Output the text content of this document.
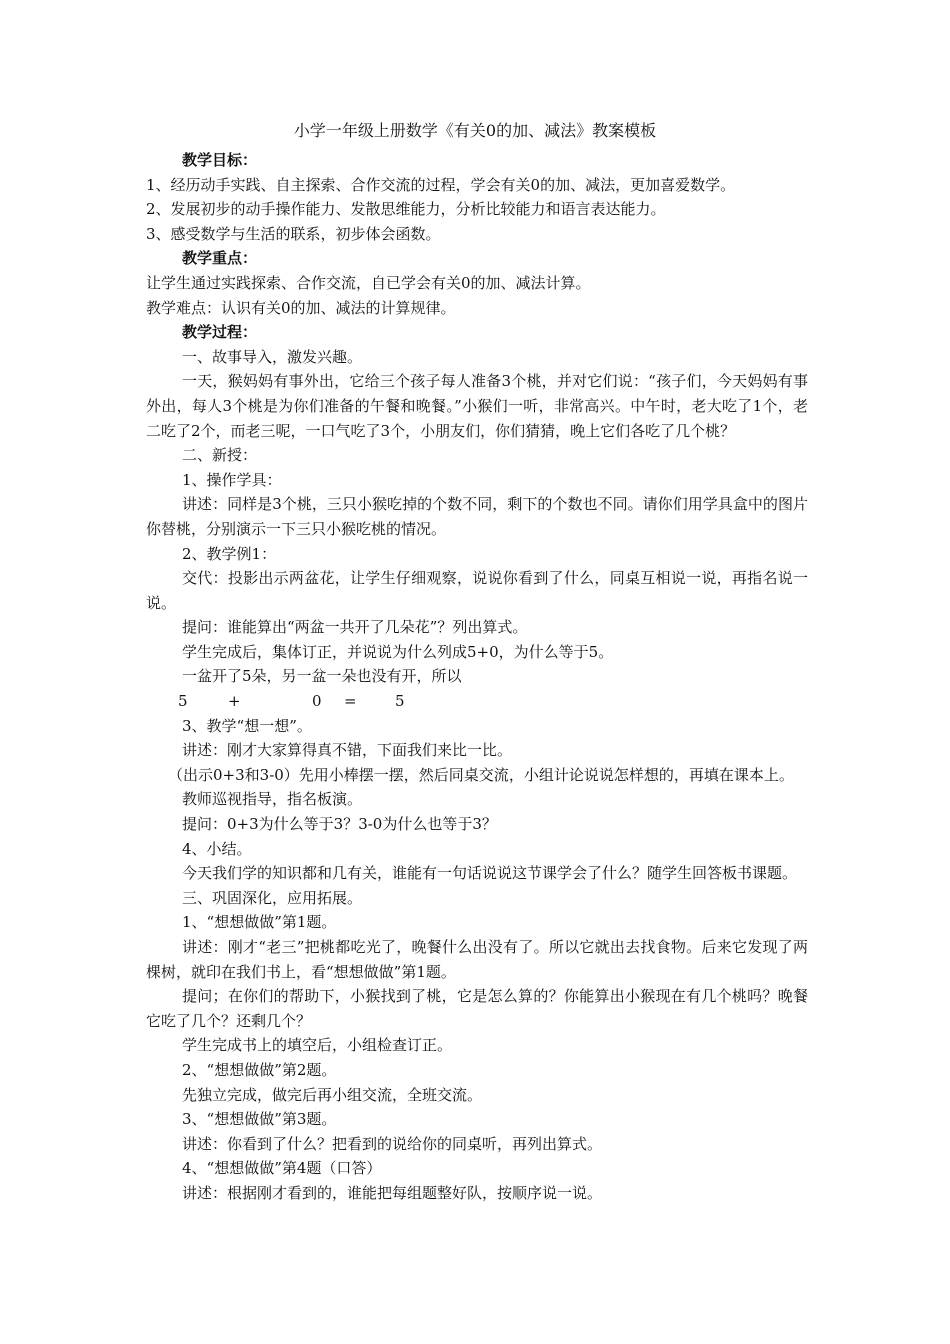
小学一年级上册数学《有关0的加、减法》教案模板

教学目标：

1、经历动手实践、自主探索、合作交流的过程，学会有关0的加、减法，更加喜爱数学。

2、发展初步的动手操作能力、发散思维能力，分析比较能力和语言表达能力。

3、感受数学与生活的联系，初步体会函数。

教学重点：

让学生通过实践探索、合作交流，自已学会有关0的加、减法计算。

教学难点：认识有关0的加、减法的计算规律。

教学过程：

一、故事导入，激发兴趣。

一天，猴妈妈有事外出，它给三个孩子每人准备3个桃，并对它们说：“孩子们，今天妈妈有事外出，每人3个桃是为你们准备的午餐和晚餐。”小猴们一听，非常高兴。中午时，老大吃了1个，老二吃了2个，而老三呢，一口气吃了3个，小朋友们，你们猜猜，晚上它们各吃了几个桃？

二、新授：

1、操作学具：

讲述：同样是3个桃，三只小猴吃掉的个数不同，剩下的个数也不同。请你们用学具盒中的图片你替桃，分别演示一下三只小猴吃桃的情况。

2、教学例1：

交代：投影出示两盆花，让学生仔细观察，说说你看到了什么，同桌互相说一说，再指名说一说。

提问：谁能算出“两盆一共开了几朵花”？列出算式。

学生完成后，集体订正，并说说为什么列成5+0，为什么等于5。

一盆开了5朵，另一盆一朵也没有开，所以

5	+	0 =	5

3、教学“想一想”。

讲述：刚才大家算得真不错，下面我们来比一比。

（出示0+3和3-0）先用小棒摆一摆，然后同桌交流，小组计论说说怎样想的，再填在课本上。

教师巡视指导，指名板演。

提问：0+3为什么等于3？3-0为什么也等于3？

4、小结。

今天我们学的知识都和几有关，谁能有一句话说说这节课学会了什么？随学生回答板书课题。

三、巩固深化，应用拓展。

1、“想想做做”第1题。

讲述：刚才“老三”把桃都吃光了，晚餐什么出没有了。所以它就出去找食物。后来它发现了两棵树，就印在我们书上，看“想想做做”第1题。

提问；在你们的帮助下，小猴找到了桃，它是怎么算的？你能算出小猴现在有几个桃吗？晚餐它吃了几个？还剩几个？

学生完成书上的填空后，小组检查订正。

2、“想想做做”第2题。

先独立完成，做完后再小组交流，全班交流。

3、“想想做做”第3题。

讲述：你看到了什么？把看到的说给你的同桌听，再列出算式。

4、“想想做做”第4题（口答）

讲述：根据刚才看到的，谁能把每组题整好队，按顺序说一说。
